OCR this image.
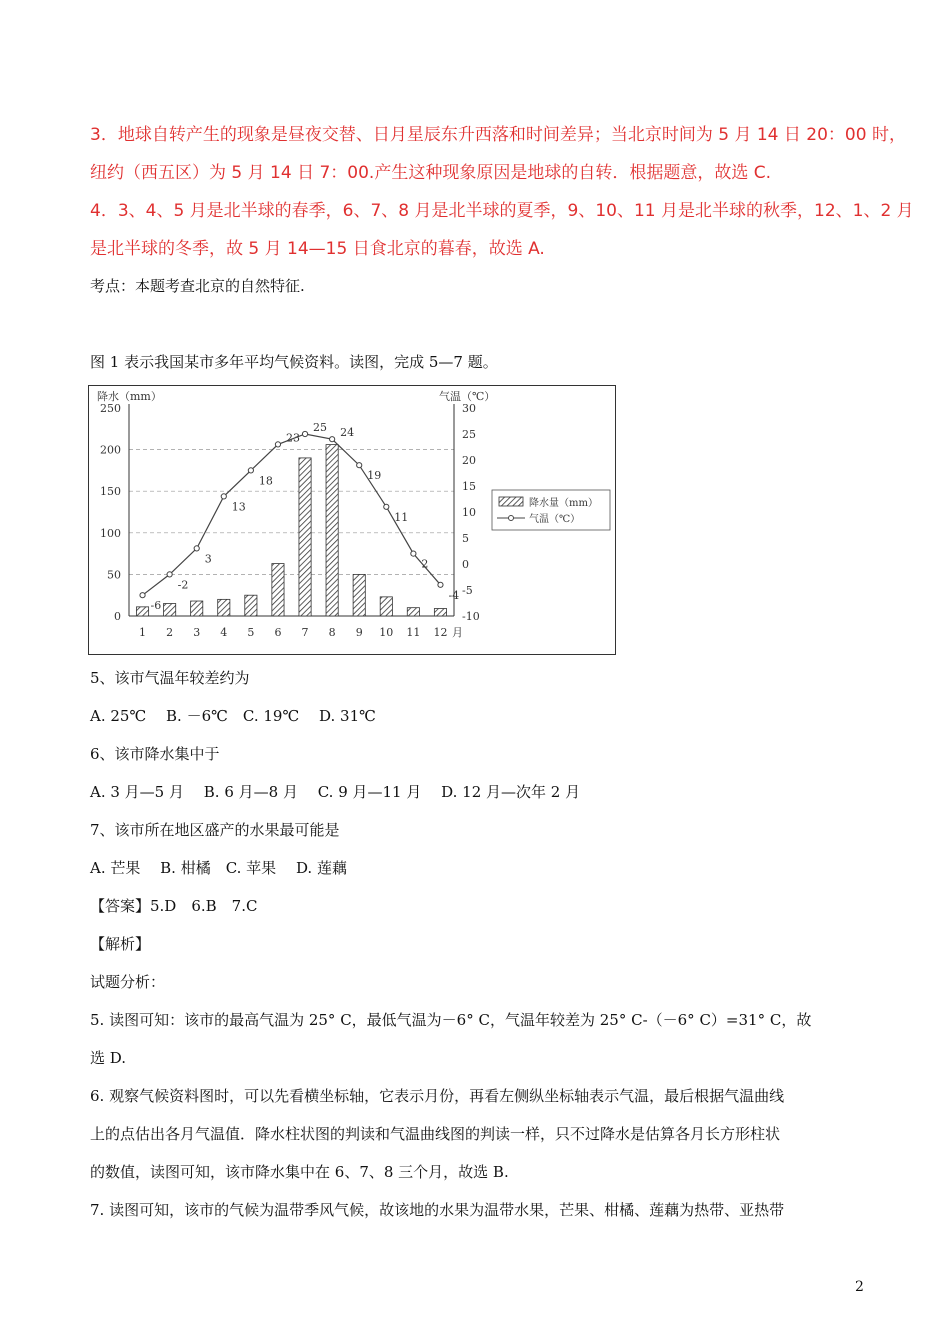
3．地球自转产生的现象是昼夜交替、日月星辰东升西落和时间差异；当北京时间为 5 月 14 日 20：00 时，
纽约（西五区）为 5 月 14 日 7：00.产生这种现象原因是地球的自转．根据题意，故选 C.
4．3、4、5 月是北半球的春季，6、7、8 月是北半球的夏季，9、10、11 月是北半球的秋季，12、1、2 月
是北半球的冬季，故 5 月 14—15 日食北京的暮春，故选 A.
考点：本题考查北京的自然特征.
图 1 表示我国某市多年平均气候资料。读图，完成 5—7 题。
降水（mm）	气温（℃）
250
200
150
100
50
0
30
25
20
15
10
5
0
-5
-10
1 2 3 4 5 6 7 8 9 10 11 12 月
-6
-2
3
13
18
23
25 24
19
11
2
-4
降水量（mm）
气温（℃）
5、该市气温年较差约为
A. 25℃　 B. －6℃　C. 19℃　 D. 31℃
6、该市降水集中于
A. 3 月—5 月　 B. 6 月—8 月　 C. 9 月—11 月　 D. 12 月—次年 2 月
7、该市所在地区盛产的水果最可能是
A. 芒果　 B. 柑橘　C. 苹果　 D. 莲藕
【答案】5.D　6.B　7.C
【解析】
试题分析：
5. 读图可知：该市的最高气温为 25° C，最低气温为－6° C，气温年较差为 25° C-（－6° C）=31° C，故
选 D.
6. 观察气候资料图时，可以先看横坐标轴，它表示月份，再看左侧纵坐标轴表示气温，最后根据气温曲线
上的点估出各月气温值．降水柱状图的判读和气温曲线图的判读一样，只不过降水是估算各月长方形柱状
的数值，读图可知，该市降水集中在 6、7、8 三个月，故选 B.
7. 读图可知，该市的气候为温带季风气候，故该地的水果为温带水果，芒果、柑橘、莲藕为热带、亚热带
2
